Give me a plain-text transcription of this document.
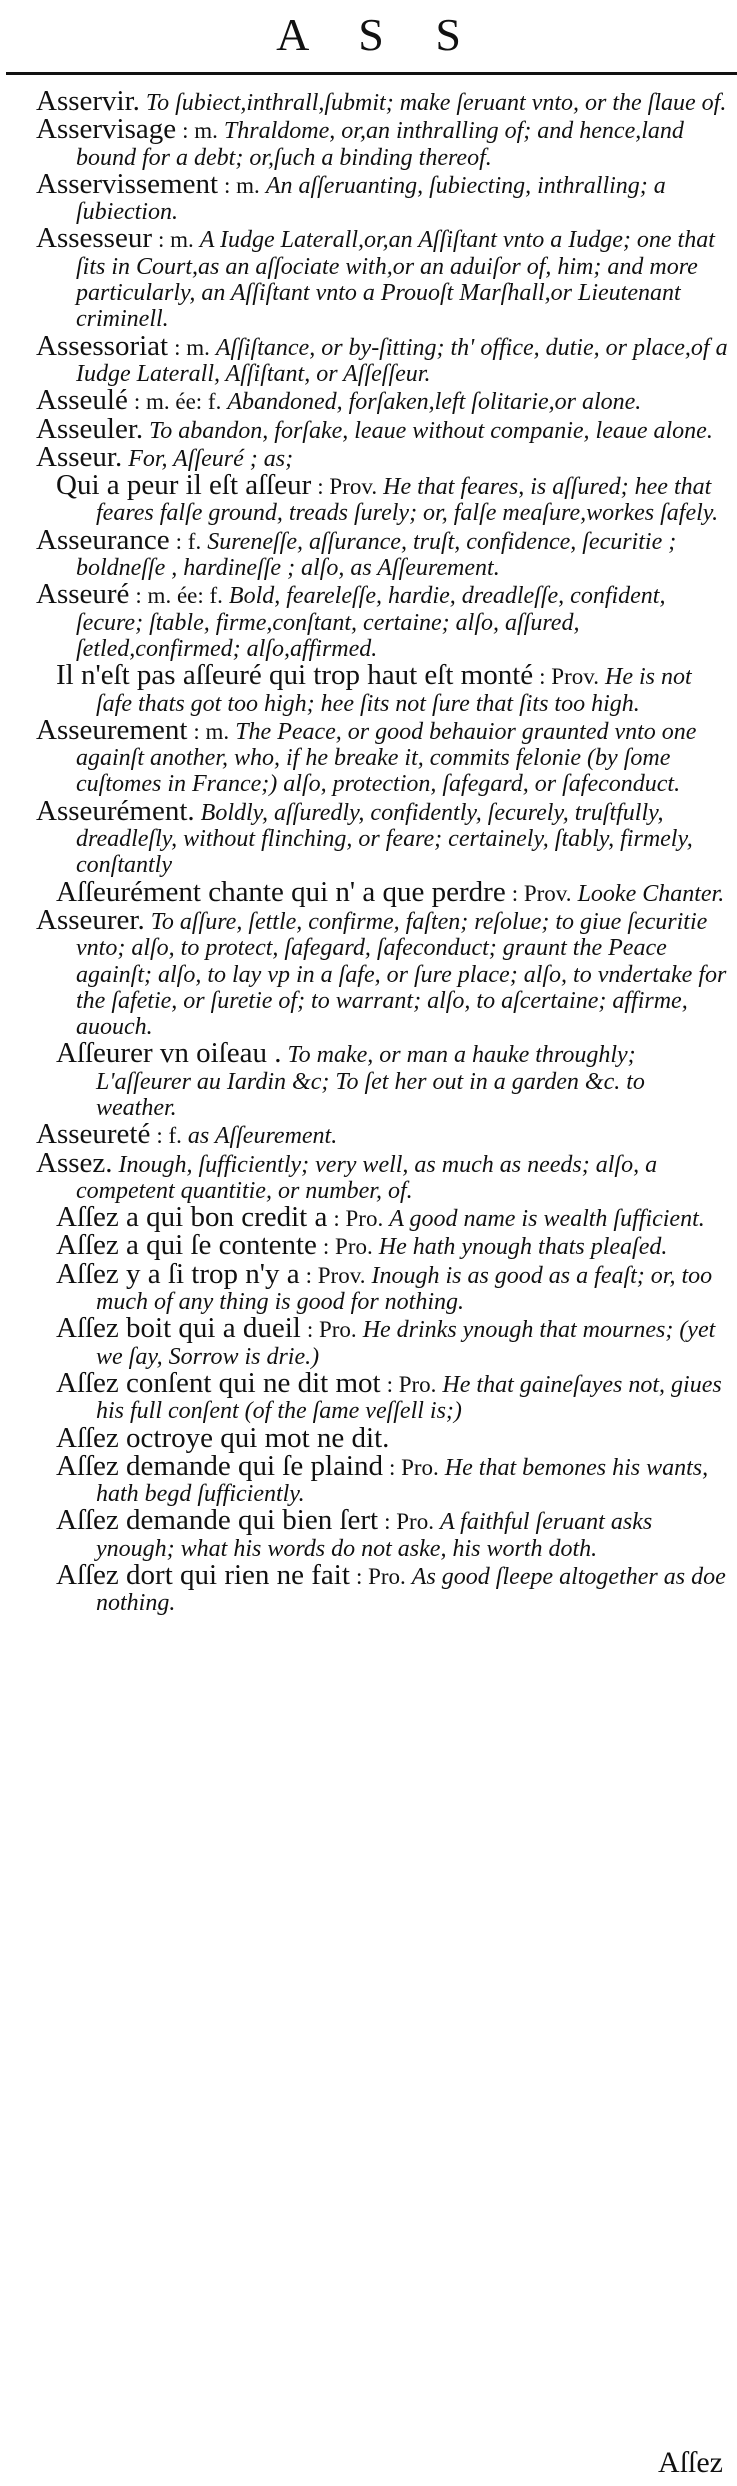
A S S

Asservir. To ſubiect,inthrall,ſubmit; make ſeruant vnto, or the ſlaue of.

Asservisage : m. Thraldome, or,an inthralling of; and hence,land bound for a debt; or,ſuch a binding thereof.

Asservissement : m. An aſſeruanting, ſubiecting, inthralling; a ſubiection.

Assesseur : m. A Iudge Laterall,or,an Aſſiſtant vnto a Iudge; one that ſits in Court,as an aſſociate with,or an aduiſor of, him; and more particularly, an Aſſiſtant vnto a Prouoſt Marſhall,or Lieutenant criminell.

Assessoriat : m. Aſſiſtance, or by-ſitting; th' office, dutie, or place,of a Iudge Laterall, Aſſiſtant, or Aſſeſſeur.

Asseulé : m. ée: f. Abandoned, forſaken,left ſolitarie,or alone.

Asseuler. To abandon, forſake, leaue without companie, leaue alone.

Asseur. For, Aſſeuré ; as;

Qui a peur il eſt aſſeur : Prov. He that feares, is aſſured; hee that feares falſe ground, treads ſurely; or, falſe meaſure,workes ſafely.

Asseurance : f. Sureneſſe, aſſurance, truſt, confidence, ſecuritie ; boldneſſe , hardineſſe ; alſo, as Aſſeurement.

Asseuré : m. ée: f. Bold, feareleſſe, hardie, dreadleſſe, confident, ſecure; ſtable, firme,conſtant, certaine; alſo, aſſured, ſetled,confirmed; alſo,affirmed.

Il n'eſt pas aſſeuré qui trop haut eſt monté : Prov. He is not ſafe thats got too high; hee ſits not ſure that ſits too high.

Asseurement : m. The Peace, or good behauior graunted vnto one againſt another, who, if he breake it, commits felonie (by ſome cuſtomes in France;) alſo, protection, ſafegard, or ſafeconduct.

Asseurément. Boldly, aſſuredly, confidently, ſecurely, truſtfully, dreadleſly, without flinching, or feare; certainely, ſtably, firmely, conſtantly

Aſſeurément chante qui n' a que perdre : Prov. Looke Chanter.

Asseurer. To aſſure, ſettle, confirme, faſten; reſolue; to giue ſecuritie vnto; alſo, to protect, ſafegard, ſafeconduct; graunt the Peace againſt; alſo, to lay vp in a ſafe, or ſure place; alſo, to vndertake for the ſafetie, or ſuretie of; to warrant; alſo, to aſcertaine; affirme, auouch.

Aſſeurer vn oiſeau . To make, or man a hauke throughly; L'aſſeurer au Iardin &c; To ſet her out in a garden &c. to weather.

Asseureté : f. as Aſſeurement.

Assez. Inough, ſufficiently; very well, as much as needs; alſo, a competent quantitie, or number, of.

Aſſez a qui bon credit a : Pro. A good name is wealth ſufficient.

Aſſez a qui ſe contente : Pro. He hath ynough thats pleaſed.

Aſſez y a ſi trop n'y a : Prov. Inough is as good as a feaſt; or, too much of any thing is good for nothing.

Aſſez boit qui a dueil : Pro. He drinks ynough that mournes; (yet we ſay, Sorrow is drie.)

Aſſez conſent qui ne dit mot : Pro. He that gaineſayes not, giues his full conſent (of the ſame veſſell is;)

Aſſez octroye qui mot ne dit.

Aſſez demande qui ſe plaind : Pro. He that bemones his wants, hath begd ſufficiently.

Aſſez demande qui bien ſert : Pro. A faithful ſeruant asks ynough; what his words do not aske, his worth doth.

Aſſez dort qui rien ne fait : Pro. As good ſleepe altogether as doe nothing.

Aſſez
